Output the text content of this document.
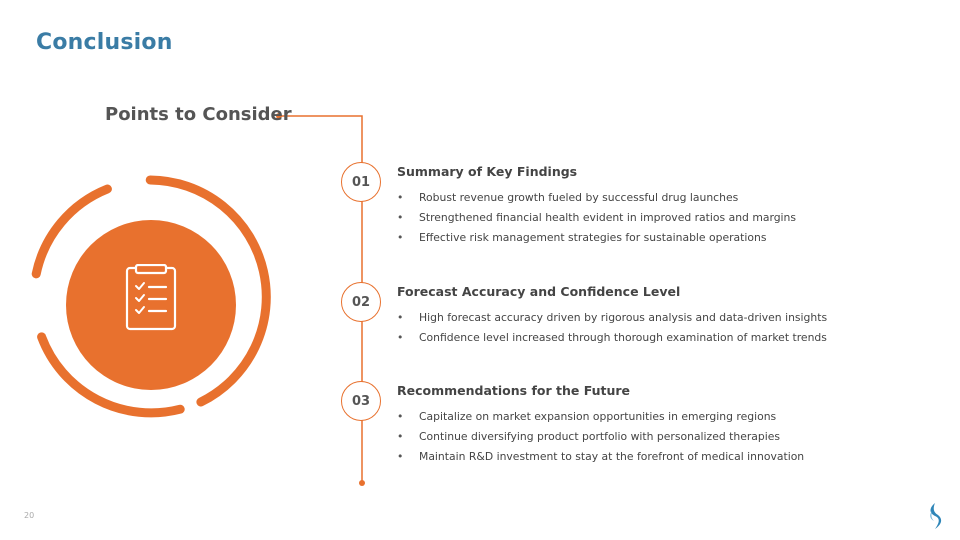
Conclusion
Points to Consider
01
Summary of Key Findings
• Robust revenue growth fueled by successful drug launches
• Strengthened financial health evident in improved ratios and margins
• Effective risk management strategies for sustainable operations
02
Forecast Accuracy and Confidence Level
• High forecast accuracy driven by rigorous analysis and data-driven insights
• Confidence level increased through thorough examination of market trends
03
Recommendations for the Future
• Capitalize on market expansion opportunities in emerging regions
• Continue diversifying product portfolio with personalized therapies
• Maintain R&D investment to stay at the forefront of medical innovation
20
